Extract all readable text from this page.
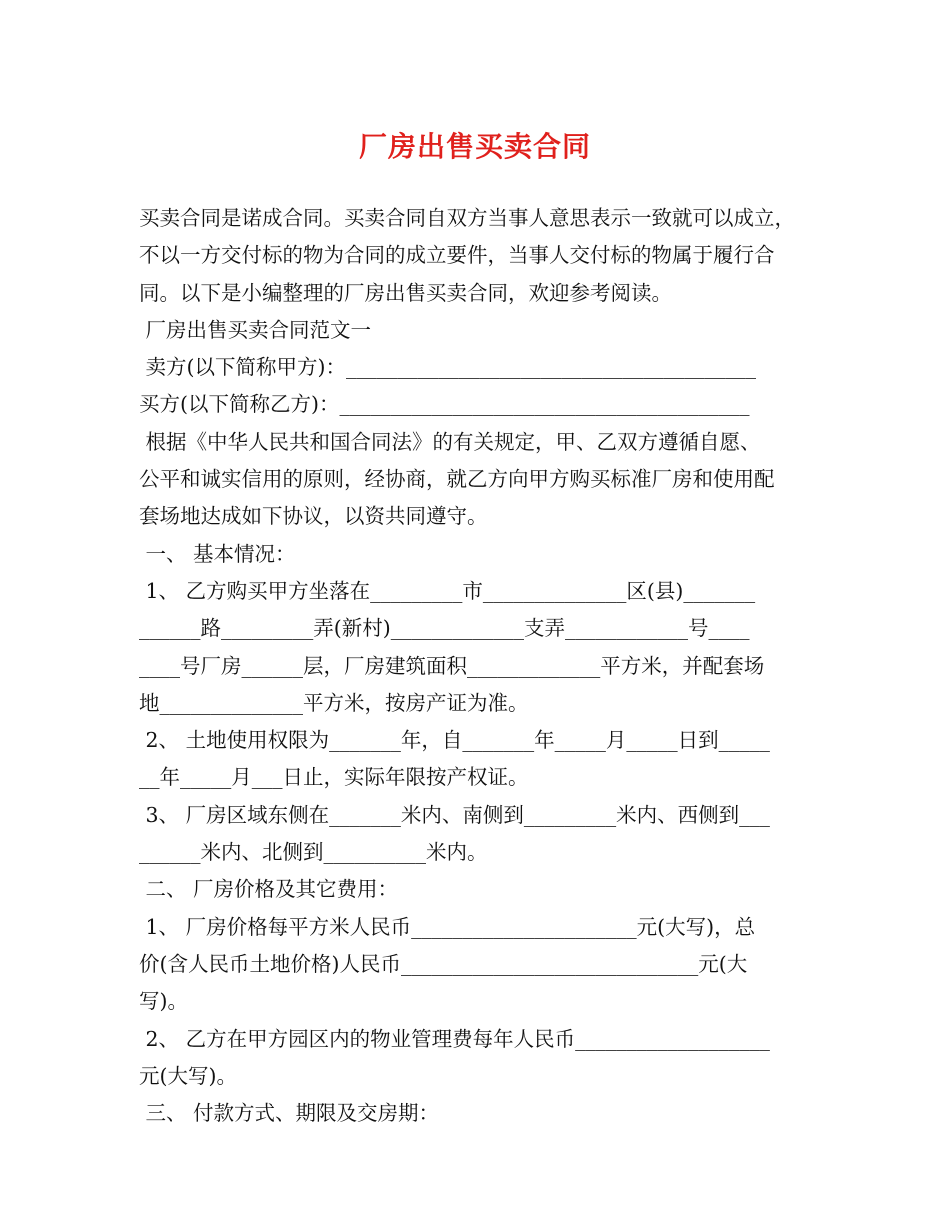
厂房出售买卖合同
买卖合同是诺成合同。买卖合同自双方当事人意思表示一致就可以成立，
不以一方交付标的物为合同的成立要件，当事人交付标的物属于履行合
同。以下是小编整理的厂房出售买卖合同，欢迎参考阅读。
厂房出售买卖合同范文一
卖方(以下简称甲方)：________________________________________
买方(以下简称乙方)：________________________________________
根据《中华人民共和国合同法》的有关规定，甲、乙双方遵循自愿、
公平和诚实信用的原则，经协商，就乙方向甲方购买标准厂房和使用配
套场地达成如下协议，以资共同遵守。
一、 基本情况：
1、 乙方购买甲方坐落在_________市______________区(县)_______
______路_________弄(新村)_____________支弄____________号____
____号厂房______层，厂房建筑面积_____________平方米，并配套场
地______________平方米，按房产证为准。
2、 土地使用权限为_______年，自_______年_____月_____日到_____
__年_____月___日止，实际年限按产权证。
3、 厂房区域东侧在_______米内、南侧到_________米内、西侧到___
______米内、北侧到__________米内。
二、 厂房价格及其它费用：
1、 厂房价格每平方米人民币______________________元(大写)，总
价(含人民币土地价格)人民币_____________________________元(大
写)。
2、 乙方在甲方园区内的物业管理费每年人民币___________________
元(大写)。
三、 付款方式、期限及交房期：
